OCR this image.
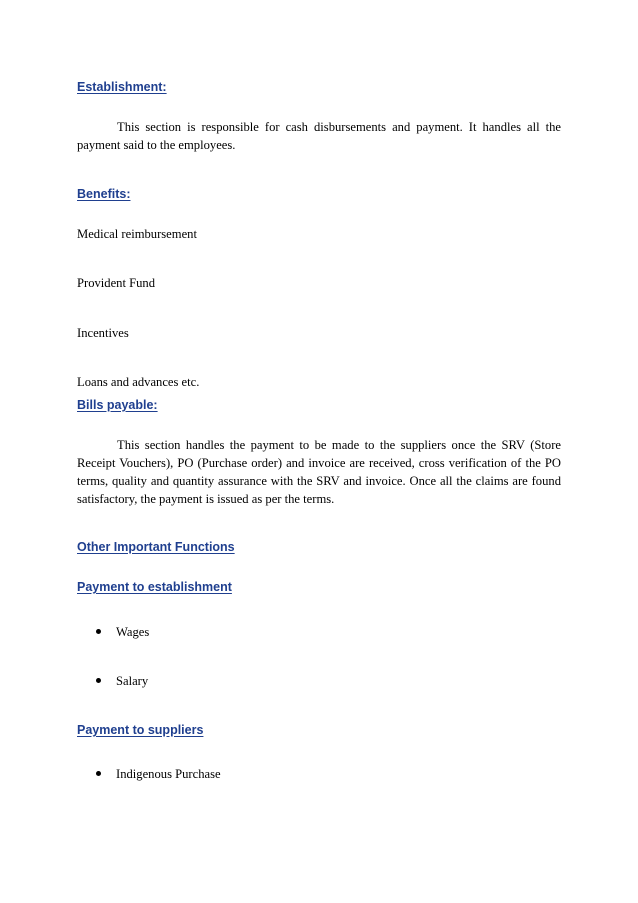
Establishment:
This section is responsible for cash disbursements and payment. It handles all the payment said to the employees.
Benefits:
Medical reimbursement
Provident Fund
Incentives
Loans and advances etc.
Bills payable:
This section handles the payment to be made to the suppliers once the SRV (Store Receipt Vouchers), PO (Purchase order) and invoice are received, cross verification of the PO terms, quality and quantity assurance with the SRV and invoice. Once all the claims are found satisfactory, the payment is issued as per the terms.
Other Important Functions
Payment to establishment
Wages
Salary
Payment to suppliers
Indigenous Purchase
